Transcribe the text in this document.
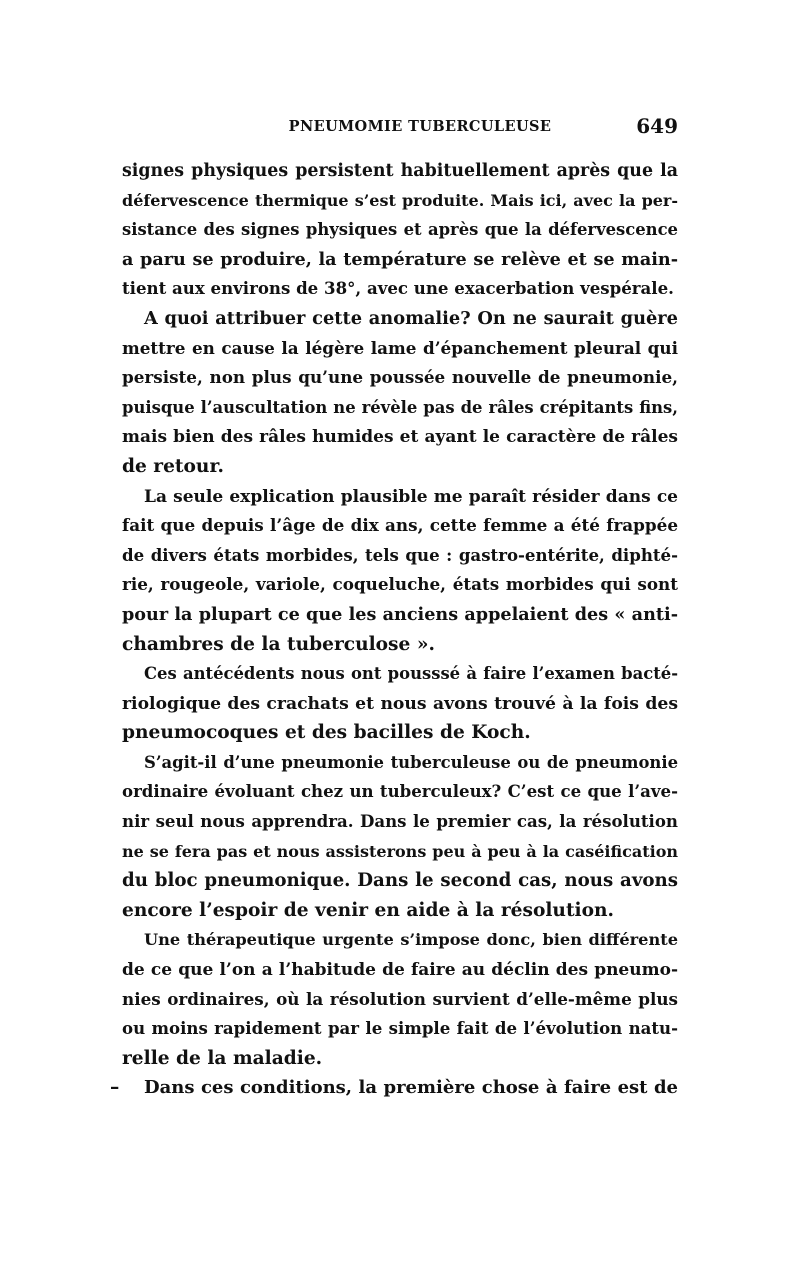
PNEUMOMIE TUBERCULEUSE	649
signes physiques persistent habituellement après que la
défervescence thermique s’est produite. Mais ici, avec la per-
sistance des signes physiques et après que la défervescence
a paru se produire, la température se relève et se main-
tient aux environs de 38°, avec une exacerbation vespérale.
A quoi attribuer cette anomalie? On ne saurait guère
mettre en cause la légère lame d’épanchement pleural qui
persiste, non plus qu’une poussée nouvelle de pneumonie,
puisque l’auscultation ne révèle pas de râles crépitants fins,
mais bien des râles humides et ayant le caractère de râles
de retour.
La seule explication plausible me paraît résider dans ce
fait que depuis l’âge de dix ans, cette femme a été frappée
de divers états morbides, tels que : gastro-entérite, diphté-
rie, rougeole, variole, coqueluche, états morbides qui sont
pour la plupart ce que les anciens appelaient des « anti-
chambres de la tuberculose ».
Ces antécédents nous ont pousssé à faire l’examen bacté-
riologique des crachats et nous avons trouvé à la fois des
pneumocoques et des bacilles de Koch.
S’agit-il d’une pneumonie tuberculeuse ou de pneumonie
ordinaire évoluant chez un tuberculeux? C’est ce que l’ave-
nir seul nous apprendra. Dans le premier cas, la résolution
ne se fera pas et nous assisterons peu à peu à la caséification
du bloc pneumonique. Dans le second cas, nous avons
encore l’espoir de venir en aide à la résolution.
Une thérapeutique urgente s’impose donc, bien différente
de ce que l’on a l’habitude de faire au déclin des pneumo-
nies ordinaires, où la résolution survient d’elle-même plus
ou moins rapidement par le simple fait de l’évolution natu-
relle de la maladie.
– Dans ces conditions, la première chose à faire est de
